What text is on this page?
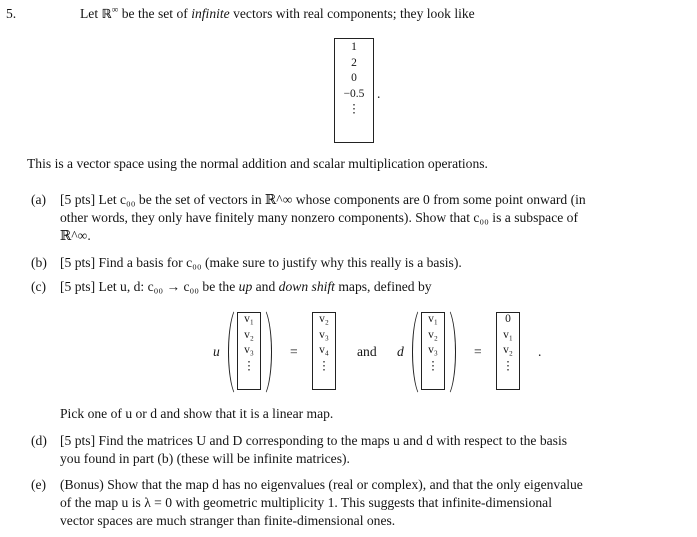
5.	Let ℝ∞ be the set of infinite vectors with real components; they look like
1
2
0
−0.5
⋮
.
This is a vector space using the normal addition and scalar multiplication operations.
(a) [5 pts] Let c₀₀ be the set of vectors in ℝ^∞ whose components are 0 from some point onward (in
other words, they only have finitely many nonzero components). Show that c₀₀ is a subspace of
ℝ^∞.
(b) [5 pts] Find a basis for c₀₀ (make sure to justify why this really is a basis).
(c) [5 pts] Let u, d: c₀₀ → c₀₀ be the up and down shift maps, defined by
u
v₁
v₂
v₃
⋮
=
v₂
v₃
v₄
⋮
and d
v₁
v₂
v₃
⋮
=
0
v₁
v₂
⋮
.
Pick one of u or d and show that it is a linear map.
(d) [5 pts] Find the matrices U and D corresponding to the maps u and d with respect to the basis
you found in part (b) (these will be infinite matrices).
(e) (Bonus) Show that the map d has no eigenvalues (real or complex), and that the only eigenvalue
of the map u is λ = 0 with geometric multiplicity 1. This suggests that infinite-dimensional
vector spaces are much stranger than finite-dimensional ones.
